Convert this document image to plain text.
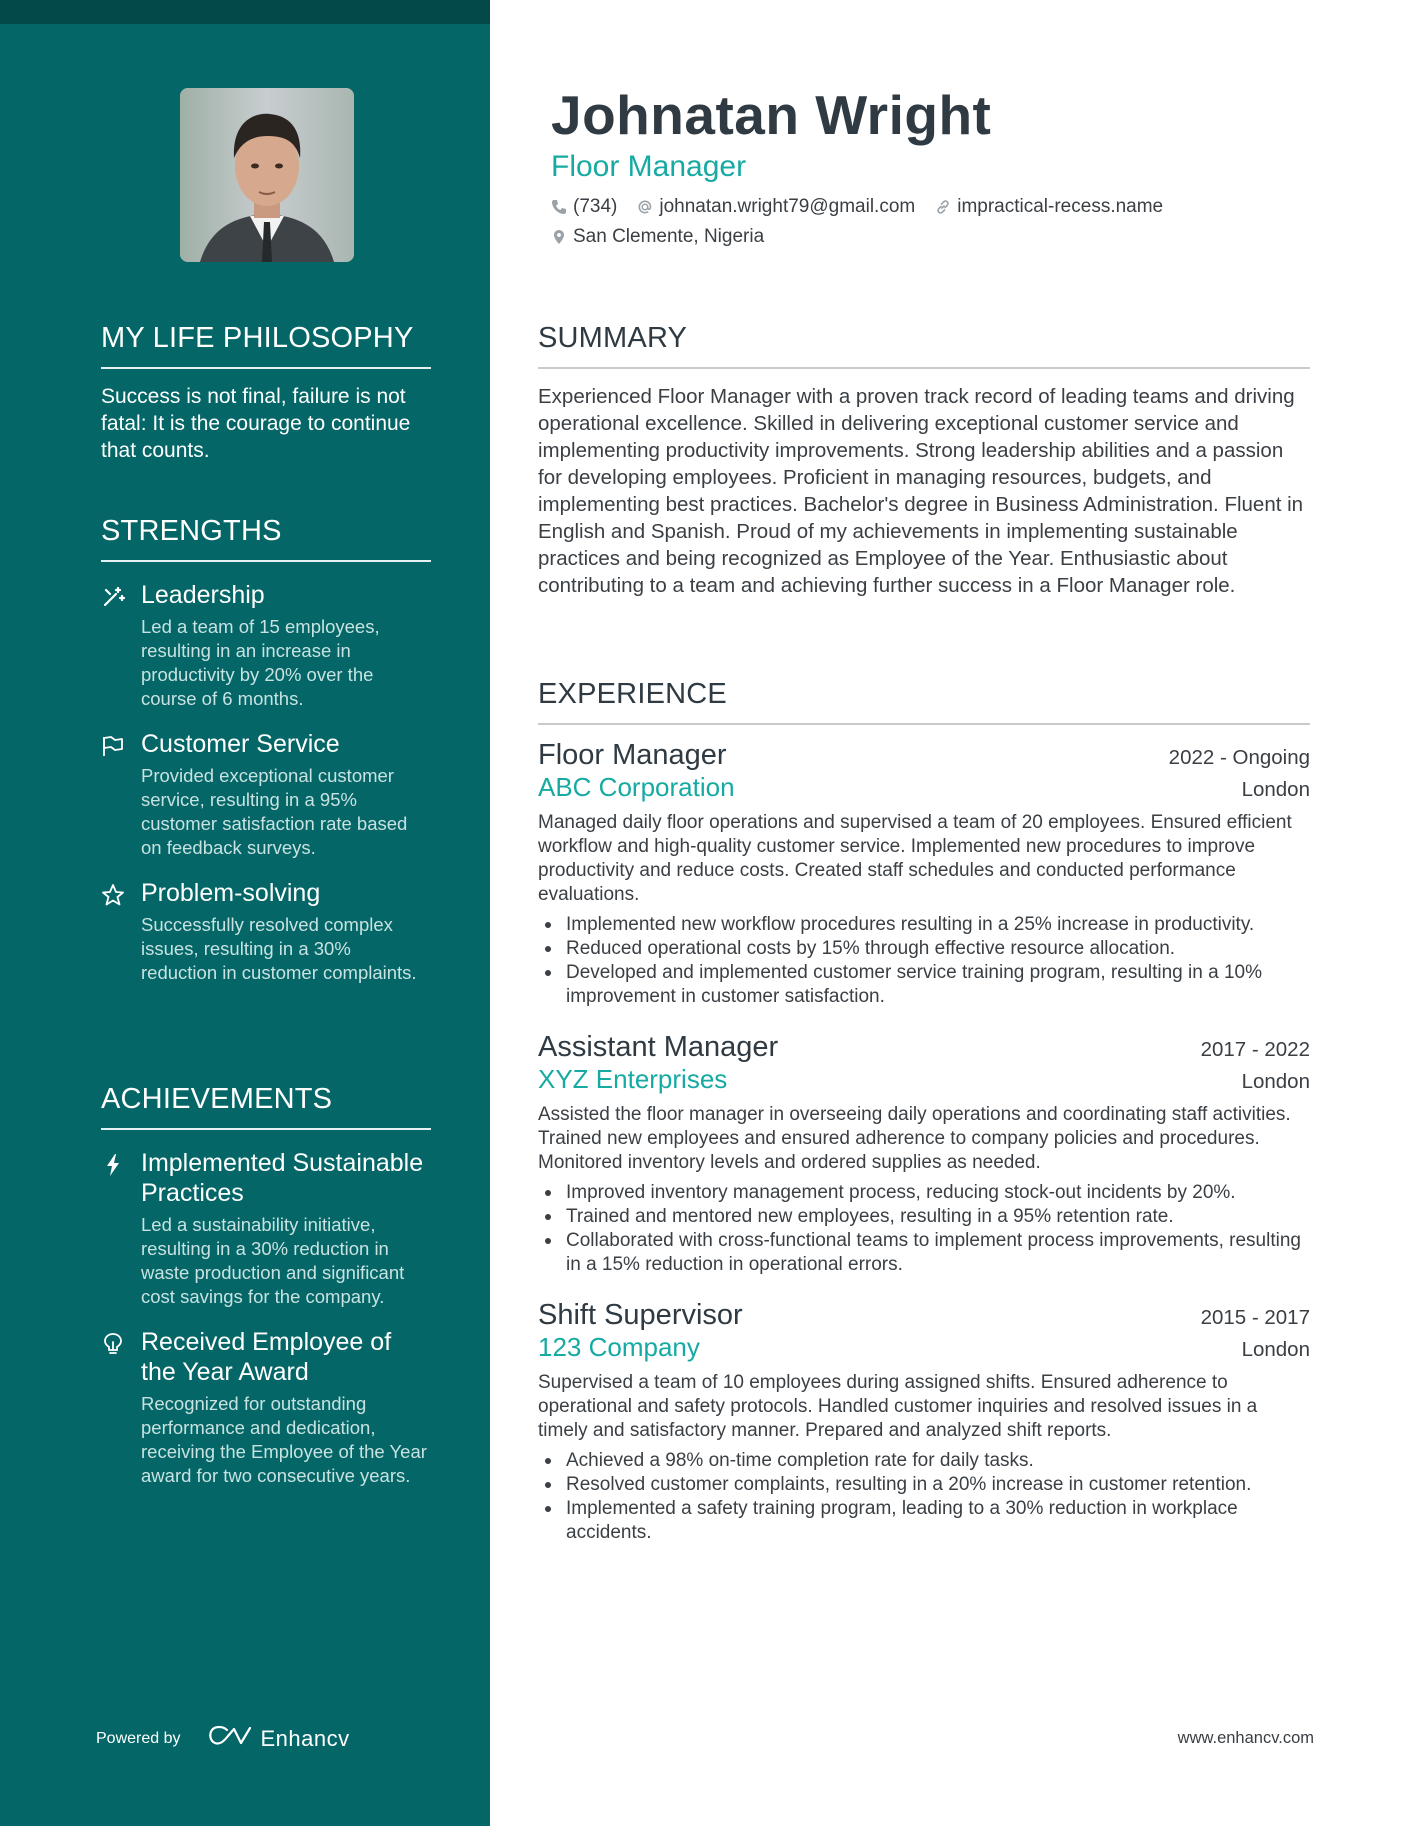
MY LIFE PHILOSOPHY
Success is not final, failure is not fatal: It is the courage to continue that counts.
STRENGTHS
Leadership
Led a team of 15 employees, resulting in an increase in productivity by 20% over the course of 6 months.
Customer Service
Provided exceptional customer service, resulting in a 95% customer satisfaction rate based on feedback surveys.
Problem-solving
Successfully resolved complex issues, resulting in a 30% reduction in customer complaints.
ACHIEVEMENTS
Implemented Sustainable Practices
Led a sustainability initiative, resulting in a 30% reduction in waste production and significant cost savings for the company.
Received Employee of the Year Award
Recognized for outstanding performance and dedication, receiving the Employee of the Year award for two consecutive years.
Powered by	Enhancv
Johnatan Wright
Floor Manager
(734) johnatan.wright79@gmail.com impractical-recess.name
San Clemente, Nigeria
SUMMARY
Experienced Floor Manager with a proven track record of leading teams and driving operational excellence. Skilled in delivering exceptional customer service and implementing productivity improvements. Strong leadership abilities and a passion for developing employees. Proficient in managing resources, budgets, and implementing best practices. Bachelor's degree in Business Administration. Fluent in English and Spanish. Proud of my achievements in implementing sustainable practices and being recognized as Employee of the Year. Enthusiastic about contributing to a team and achieving further success in a Floor Manager role.
EXPERIENCE
Floor Manager	2022 - Ongoing
ABC Corporation	London
Managed daily floor operations and supervised a team of 20 employees. Ensured efficient workflow and high-quality customer service. Implemented new procedures to improve productivity and reduce costs. Created staff schedules and conducted performance evaluations.
Implemented new workflow procedures resulting in a 25% increase in productivity.
Reduced operational costs by 15% through effective resource allocation.
Developed and implemented customer service training program, resulting in a 10% improvement in customer satisfaction.
Assistant Manager	2017 - 2022
XYZ Enterprises	London
Assisted the floor manager in overseeing daily operations and coordinating staff activities. Trained new employees and ensured adherence to company policies and procedures. Monitored inventory levels and ordered supplies as needed.
Improved inventory management process, reducing stock-out incidents by 20%.
Trained and mentored new employees, resulting in a 95% retention rate.
Collaborated with cross-functional teams to implement process improvements, resulting in a 15% reduction in operational errors.
Shift Supervisor	2015 - 2017
123 Company	London
Supervised a team of 10 employees during assigned shifts. Ensured adherence to operational and safety protocols. Handled customer inquiries and resolved issues in a timely and satisfactory manner. Prepared and analyzed shift reports.
Achieved a 98% on-time completion rate for daily tasks.
Resolved customer complaints, resulting in a 20% increase in customer retention.
Implemented a safety training program, leading to a 30% reduction in workplace accidents.
www.enhancv.com
